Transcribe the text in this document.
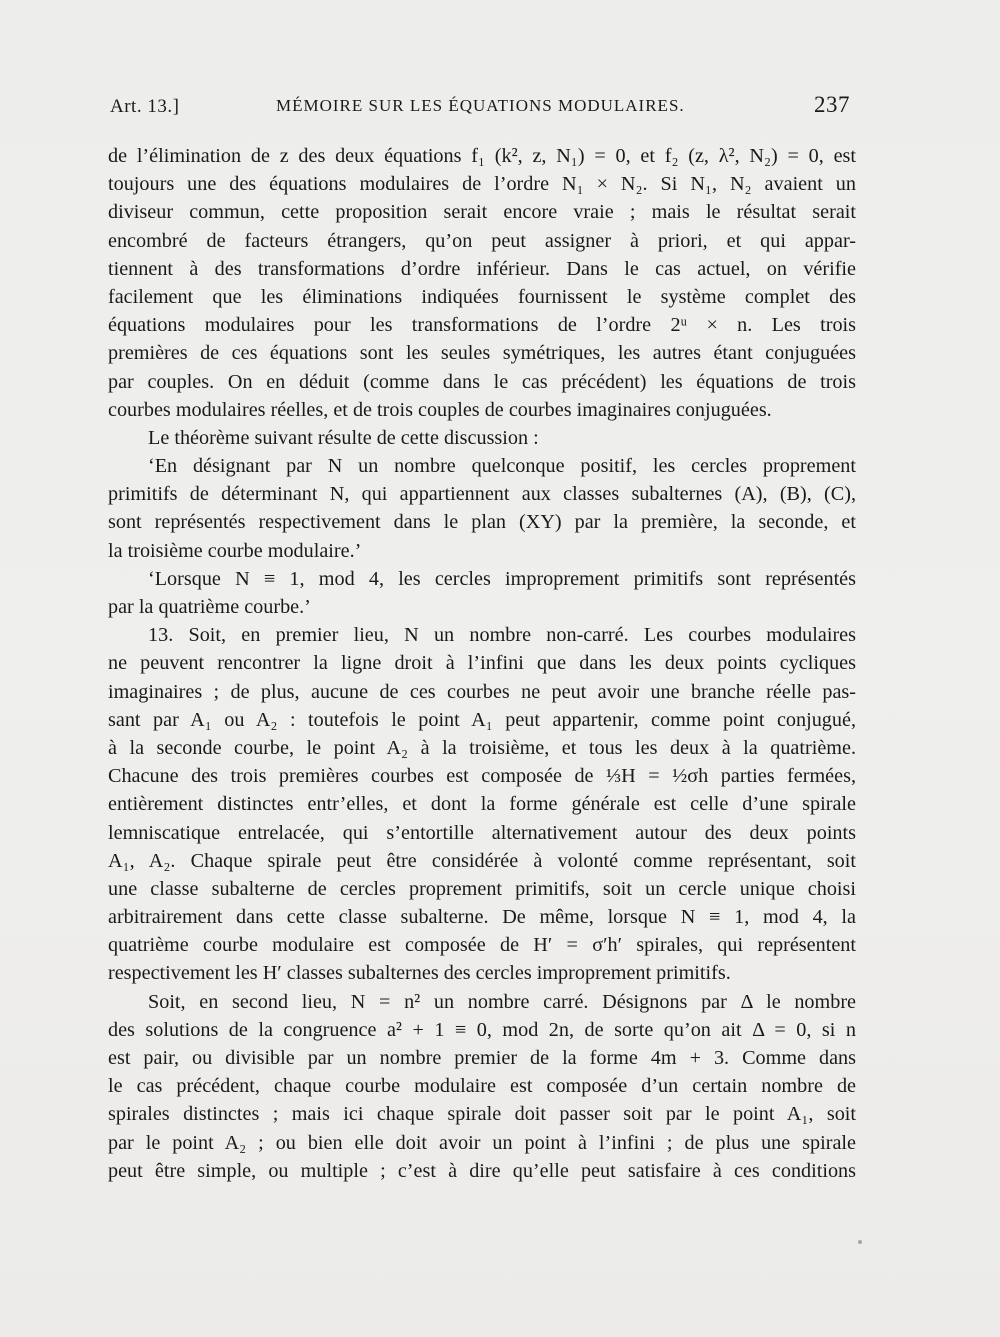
Art. 13.]	MÉMOIRE SUR LES ÉQUATIONS MODULAIRES.	237
de l’élimination de z des deux équations f₁ (k², z, N₁) = 0, et f₂ (z, λ², N₂) = 0, est
toujours une des équations modulaires de l’ordre N₁ × N₂. Si N₁, N₂ avaient un
diviseur commun, cette proposition serait encore vraie ; mais le résultat serait
encombré de facteurs étrangers, qu’on peut assigner à priori, et qui appar-
tiennent à des transformations d’ordre inférieur. Dans le cas actuel, on vérifie
facilement que les éliminations indiquées fournissent le système complet des
équations modulaires pour les transformations de l’ordre 2ᵘ × n. Les trois
premières de ces équations sont les seules symétriques, les autres étant conjuguées
par couples. On en déduit (comme dans le cas précédent) les équations de trois
courbes modulaires réelles, et de trois couples de courbes imaginaires conjuguées.
Le théorème suivant résulte de cette discussion :
‘En désignant par N un nombre quelconque positif, les cercles proprement
primitifs de déterminant N, qui appartiennent aux classes subalternes (A), (B), (C),
sont représentés respectivement dans le plan (XY) par la première, la seconde, et
la troisième courbe modulaire.’
‘Lorsque N ≡ 1, mod 4, les cercles improprement primitifs sont représentés
par la quatrième courbe.’
13. Soit, en premier lieu, N un nombre non-carré. Les courbes modulaires
ne peuvent rencontrer la ligne droit à l’infini que dans les deux points cycliques
imaginaires ; de plus, aucune de ces courbes ne peut avoir une branche réelle pas-
sant par A₁ ou A₂ : toutefois le point A₁ peut appartenir, comme point conjugué,
à la seconde courbe, le point A₂ à la troisième, et tous les deux à la quatrième.
Chacune des trois premières courbes est composée de ⅓H = ½σh parties fermées,
entièrement distinctes entr’elles, et dont la forme générale est celle d’une spirale
lemniscatique entrelacée, qui s’entortille alternativement autour des deux points
A₁, A₂. Chaque spirale peut être considérée à volonté comme représentant, soit
une classe subalterne de cercles proprement primitifs, soit un cercle unique choisi
arbitrairement dans cette classe subalterne. De même, lorsque N ≡ 1, mod 4, la
quatrième courbe modulaire est composée de H′ = σ′h′ spirales, qui représentent
respectivement les H′ classes subalternes des cercles improprement primitifs.
Soit, en second lieu, N = n² un nombre carré. Désignons par Δ le nombre
des solutions de la congruence a² + 1 ≡ 0, mod 2n, de sorte qu’on ait Δ = 0, si n
est pair, ou divisible par un nombre premier de la forme 4m + 3. Comme dans
le cas précédent, chaque courbe modulaire est composée d’un certain nombre de
spirales distinctes ; mais ici chaque spirale doit passer soit par le point A₁, soit
par le point A₂ ; ou bien elle doit avoir un point à l’infini ; de plus une spirale
peut être simple, ou multiple ; c’est à dire qu’elle peut satisfaire à ces conditions
